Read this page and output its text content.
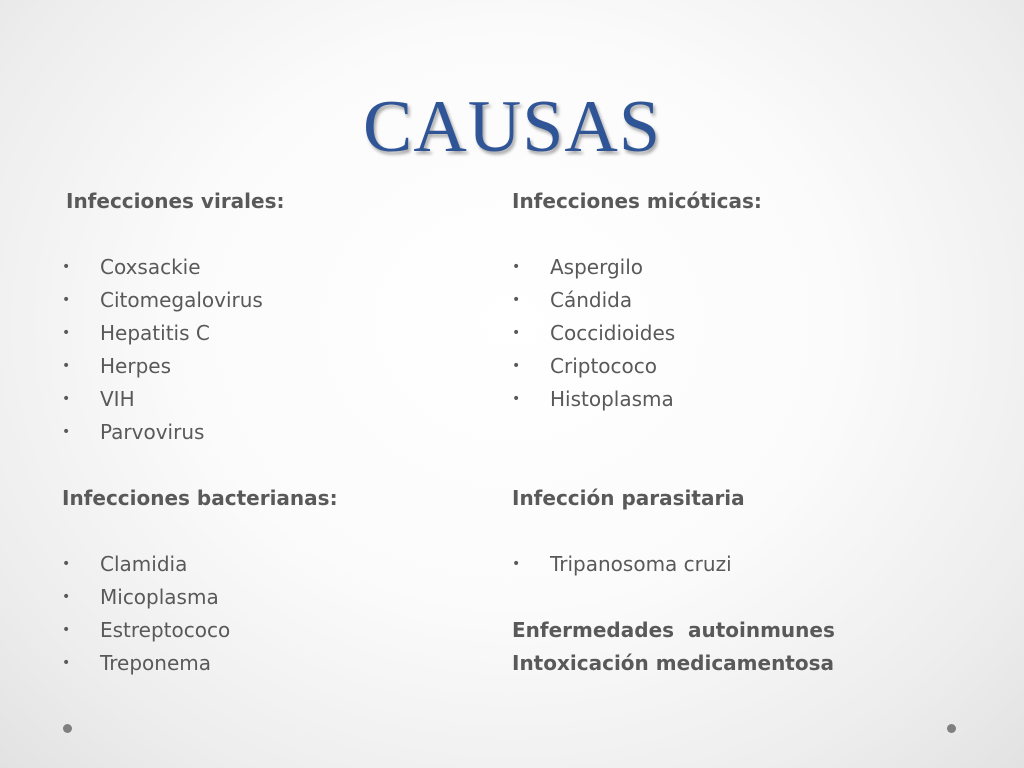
CAUSAS
Infecciones virales:
• Coxsackie
• Citomegalovirus
• Hepatitis C
• Herpes
• VIH
• Parvovirus
Infecciones bacterianas:
• Clamidia
• Micoplasma
• Estreptococo
• Treponema
Infecciones micóticas:
• Aspergilo
• Cándida
• Coccidioides
• Criptococo
• Histoplasma
Infección parasitaria
• Tripanosoma cruzi
Enfermedades  autoinmunes
Intoxicación medicamentosa
